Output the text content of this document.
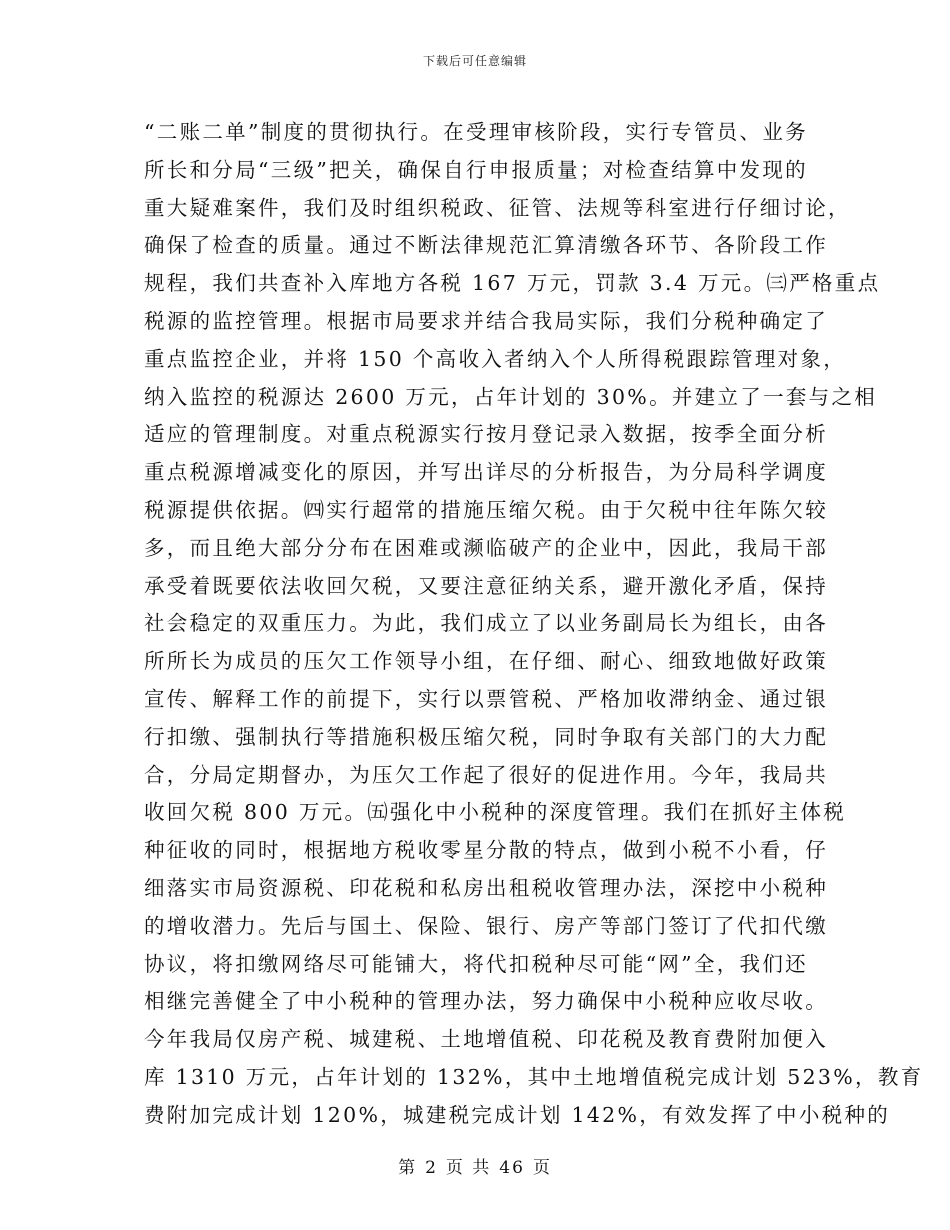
下载后可任意编辑
“二账二单”制度的贯彻执行。在受理审核阶段，实行专管员、业务
所长和分局“三级”把关，确保自行申报质量；对检查结算中发现的
重大疑难案件，我们及时组织税政、征管、法规等科室进行仔细讨论，
确保了检查的质量。通过不断法律规范汇算清缴各环节、各阶段工作
规程，我们共查补入库地方各税 167 万元，罚款 3.4 万元。㈢严格重点
税源的监控管理。根据市局要求并结合我局实际，我们分税种确定了
重点监控企业，并将 150 个高收入者纳入个人所得税跟踪管理对象，
纳入监控的税源达 2600 万元，占年计划的 30%。并建立了一套与之相
适应的管理制度。对重点税源实行按月登记录入数据，按季全面分析
重点税源增减变化的原因，并写出详尽的分析报告，为分局科学调度
税源提供依据。㈣实行超常的措施压缩欠税。由于欠税中往年陈欠较
多，而且绝大部分分布在困难或濒临破产的企业中，因此，我局干部
承受着既要依法收回欠税，又要注意征纳关系，避开激化矛盾，保持
社会稳定的双重压力。为此，我们成立了以业务副局长为组长，由各
所所长为成员的压欠工作领导小组，在仔细、耐心、细致地做好政策
宣传、解释工作的前提下，实行以票管税、严格加收滞纳金、通过银
行扣缴、强制执行等措施积极压缩欠税，同时争取有关部门的大力配
合，分局定期督办，为压欠工作起了很好的促进作用。今年，我局共
收回欠税 800 万元。㈤强化中小税种的深度管理。我们在抓好主体税
种征收的同时，根据地方税收零星分散的特点，做到小税不小看，仔
细落实市局资源税、印花税和私房出租税收管理办法，深挖中小税种
的增收潜力。先后与国土、保险、银行、房产等部门签订了代扣代缴
协议，将扣缴网络尽可能铺大，将代扣税种尽可能“网”全，我们还
相继完善健全了中小税种的管理办法，努力确保中小税种应收尽收。
今年我局仅房产税、城建税、土地增值税、印花税及教育费附加便入
库 1310 万元，占年计划的 132%，其中土地增值税完成计划 523%，教育
费附加完成计划 120%，城建税完成计划 142%，有效发挥了中小税种的
第 2 页 共 46 页
